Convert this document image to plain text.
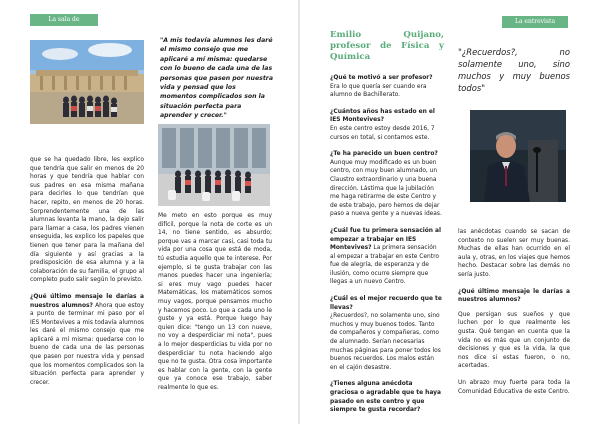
La sala de
"A mis todavía alumnos les daré el mismo consejo que me aplicaré a mí misma: quedarse con lo bueno de cada una de las personas que pasen por nuestra vida y pensad que los momentos complicados son la situación perfecta para aprender y crecer."

que se ha quedado libre, les explico que tendría que salir en menos de 20 horas y que tendría que hablar con sus padres en esa misma mañana para decirles lo que tendrían que hacer, repito, en menos de 20 horas. Sorprendentemente una de las alumnas levanta la mano, la dejo salir para llamar a casa, los padres vienen enseguida, les explico los papeles que tienen que tener para la mañana del día siguiente y así gracias a la predisposición de esa alumna y a la colaboración de su familia, el grupo al completo pudo salir según lo previsto.

¿Qué último mensaje le darías a nuestros alumnos? Ahora que estoy a punto de terminar mi paso por el IES Montevives a mis todavía alumnos les daré el mismo consejo que me aplicaré a mí misma: quedarse con lo bueno de cada una de las personas que pasen por nuestra vida y pensad que los momentos complicados son la situación perfecta para aprender y crecer.

Me meto en esto porque es muy difícil, porque la nota de corte es un 14, no tiene sentido, es absurdo; porque vas a marcar casi, casi toda tu vida por una cosa que está de moda, tú estudia aquello que te interese. Por ejemplo, si te gusta trabajar con las manos puedes hacer una ingeniería; si eres muy vago puedes hacer Matemáticas, los matemáticos somos muy vagos, porque pensamos mucho y hacemos poco. Lo que a cada uno le guste y ya está. Porque luego hay quien dice: "tengo un 13 con nueve, no voy a desperdiciar mi nota", pues a lo mejor desperdicias tu vida por no desperdiciar tu nota haciendo algo que no te gusta. Otra cosa importante es hablar con la gente, con la gente que ya conoce ese trabajo, saber realmente lo que es.

La entrevista
Emilio Quijano, profesor de Física y Química	"¿Recuerdos?, no solamente uno, sino muchos y muy buenos todos"

¿Qué te motivó a ser profesor?
Era lo que quería ser cuando era alumno de Bachillerato.

¿Cuántos años has estado en el IES Montevives?
En este centro estoy desde 2016, 7 cursos en total, si contamos este.

¿Te ha parecido un buen centro?
Aunque muy modificado es un buen centro, con muy buen alumnado, un Claustro extraordinario y una buena dirección. Lástima que la jubilación me haga retirarme de este Centro y de este trabajo, pero hemos de dejar paso a nueva gente y a nuevas ideas.

¿Cuál fue tu primera sensación al empezar a trabajar en IES Montevives? La primera sensación al empezar a trabajar en este Centro fue de alegría, de esperanza y de ilusión, como ocurre siempre que llegas a un nuevo Centro.

¿Cuál es el mejor recuerdo que te llevas?
¿Recuerdos?, no solamente uno, sino muchos y muy buenos todos. Tanto de compañeros y compañeras, como de alumnado. Serían necesarias muchas páginas para poner todos los buenos recuerdos. Los malos están en el cajón desastre.

¿Tienes alguna anécdota graciosa o agradable que te haya pasado en este centro y que siempre te gusta recordar?

las anécdotas cuando se sacan de contexto no suelen ser muy buenas. Muchas de ellas han ocurrido en el aula y, otras, en los viajes que hemos hecho. Destacar sobre las demás no sería justo.

¿Qué último mensaje le darías a nuestros alumnos?

Que persigan sus sueños y que luchen por lo que realmente les gusta. Qué tengan en cuenta que la vida no es más que un conjunto de decisiones y que es la vida, la que nos dice si estas fueron, o no, acertadas.

Un abrazo muy fuerte para toda la Comunidad Educativa de este Centro.
